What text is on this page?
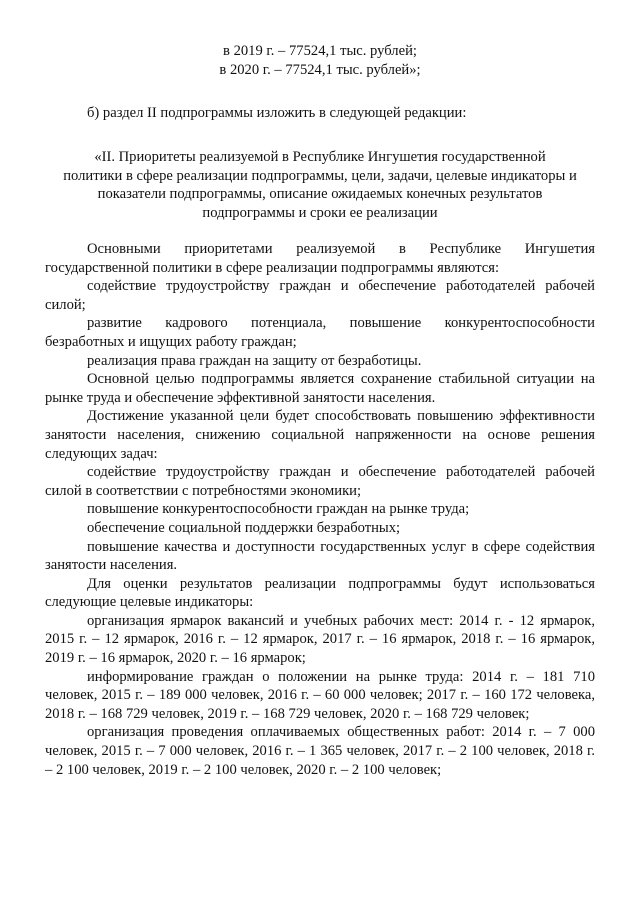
в 2019 г. – 77524,1 тыс. рублей;
в 2020 г. – 77524,1 тыс. рублей»;
б) раздел II подпрограммы изложить в следующей редакции:
«II. Приоритеты реализуемой в Республике Ингушетия государственной
политики в сфере реализации подпрограммы, цели, задачи, целевые индикаторы и
показатели подпрограммы, описание ожидаемых конечных результатов
подпрограммы и сроки ее реализации

Основными приоритетами реализуемой в Республике Ингушетия государственной политики в сфере реализации подпрограммы являются:

содействие трудоустройству граждан и обеспечение работодателей рабочей силой;

развитие кадрового потенциала, повышение конкурентоспособности безработных и ищущих работу граждан;

реализация права граждан на защиту от безработицы.

Основной целью подпрограммы является сохранение стабильной ситуации на рынке труда и обеспечение эффективной занятости населения.

Достижение указанной цели будет способствовать повышению эффективности занятости населения, снижению социальной напряженности на основе решения следующих задач:

содействие трудоустройству граждан и обеспечение работодателей рабочей силой в соответствии с потребностями экономики;

повышение конкурентоспособности граждан на рынке труда;

обеспечение социальной поддержки безработных;

повышение качества и доступности государственных услуг в сфере содействия занятости населения.

Для оценки результатов реализации подпрограммы будут использоваться следующие целевые индикаторы:

организация ярмарок вакансий и учебных рабочих мест: 2014 г. - 12 ярмарок, 2015 г. – 12 ярмарок, 2016 г. – 12 ярмарок, 2017 г. – 16 ярмарок, 2018 г. – 16 ярмарок, 2019 г. – 16 ярмарок, 2020 г. – 16 ярмарок;

информирование граждан о положении на рынке труда: 2014 г. – 181 710 человек, 2015 г. – 189 000 человек, 2016 г. – 60 000 человек; 2017 г. – 160 172 человека, 2018 г. – 168 729 человек, 2019 г. – 168 729 человек, 2020 г. – 168 729 человек;

организация проведения оплачиваемых общественных работ: 2014 г. – 7 000 человек, 2015 г. – 7 000 человек, 2016 г. – 1 365 человек, 2017 г. – 2 100 человек, 2018 г. – 2 100 человек, 2019 г. – 2 100 человек, 2020 г. – 2 100 человек;
